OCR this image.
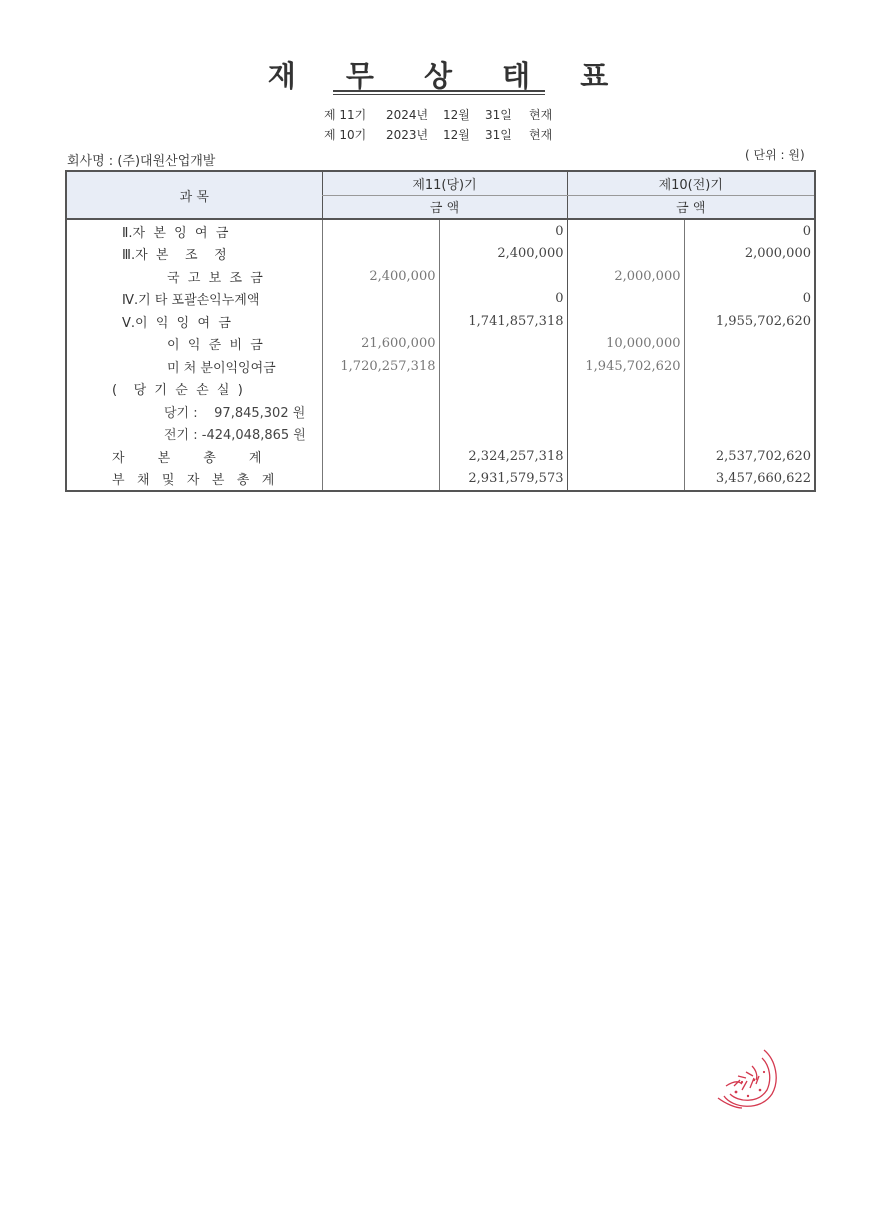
재 무 상 태 표
제 11기 2024년 12월 31일 현재
제 10기 2023년 12월 31일 현재
회사명 : (주)대원산업개발	( 단위 : 원)
과 목	제11(당)기		제10(전)기	
	금 액		금 액	
Ⅱ.자  본  잉  여  금		0		0
Ⅲ.자  본    조    정		2,400,000		2,000,000
국  고  보  조  금	2,400,000		2,000,000	
Ⅳ.기 타 포괄손익누계액		0		0
Ⅴ.이  익  잉  여  금		1,741,857,318		1,955,702,620
이  익  준  비  금	21,600,000		10,000,000	
미 처 분이익잉여금	1,720,257,318		1,945,702,620	
(    당  기  순  손  실  )				
당기 :    97,845,302 원				
전기 : -424,048,865 원				
자        본        총        계		2,324,257,318		2,537,702,620
부   채   및   자   본   총   계		2,931,579,573		3,457,660,622
